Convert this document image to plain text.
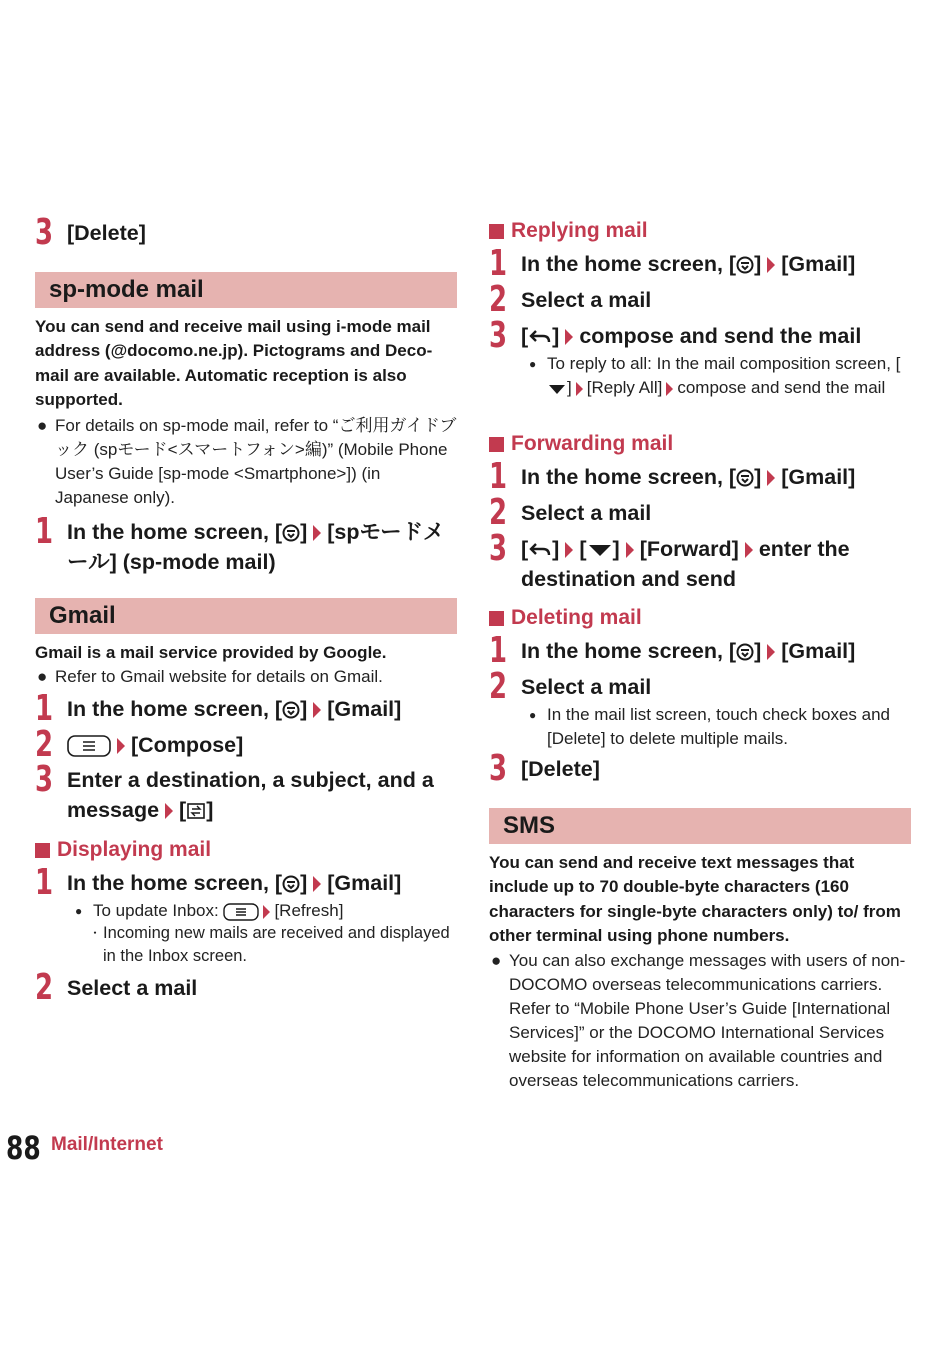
3 [Delete]
sp-mode mail
You can send and receive mail using i-mode mail address (@docomo.ne.jp). Pictograms and Deco-mail are available. Automatic reception is also supported.
● For details on sp-mode mail, refer to “ご利用ガイドブック (spモード<スマートフォン>編)” (Mobile Phone User’s Guide [sp-mode <Smartphone>]) (in Japanese only).
1 In the home screen, [ ] [spモードメール] (sp-mode mail)
Gmail
Gmail is a mail service provided by Google.
● Refer to Gmail website for details on Gmail.
1 In the home screen, [ ] [Gmail]
2	[Compose]
3 Enter a destination, a subject, and a
message [ ]
Displaying mail
1 In the home screen, [ ] [Gmail]
● To update Inbox:	[Refresh]
・ Incoming new mails are received and displayed in the Inbox screen.
2 Select a mail
Replying mail
1 In the home screen, [ ] [Gmail]
2 Select a mail
3 [ ] compose and send the mail
● To reply to all: In the mail composition screen, [] [Reply All] compose and send the mail
Forwarding mail
1 In the home screen, [ ] [Gmail]
2 Select a mail
3 [ ] [ ] [Forward] enter the
destination and send
Deleting mail
1 In the home screen, [ ] [Gmail]
2 Select a mail
● In the mail list screen, touch check boxes and [Delete] to delete multiple mails.
3 [Delete]
SMS
You can send and receive text messages that include up to 70 double-byte characters (160 characters for single-byte characters only) to/ from other terminal using phone numbers.
● You can also exchange messages with users of non-DOCOMO overseas telecommunications carriers. Refer to “Mobile Phone User’s Guide [International Services]” or the DOCOMO International Services website for information on available countries and overseas telecommunications carriers.
88 Mail/Internet
